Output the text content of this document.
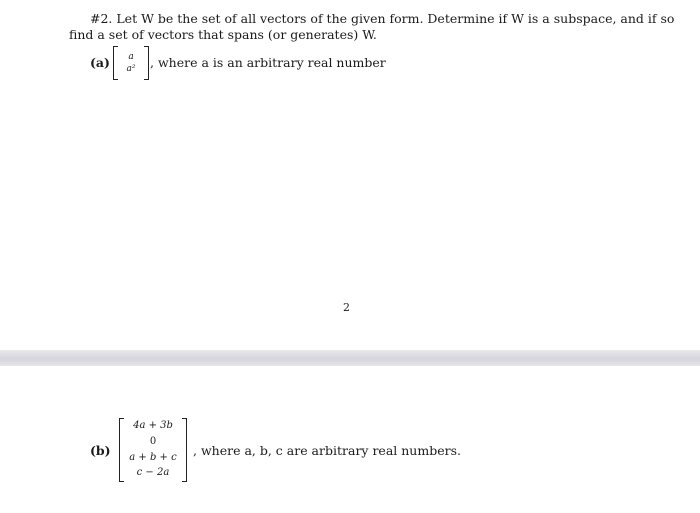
#2. Let W be the set of all vectors of the given form. Determine if W is a subspace, and if so
find a set of vectors that spans (or generates) W.
(a)	a
a²	, where a is an arbitrary real number
2
(b)
4a + 3b
0
a + b + c
c − 2a
, where a, b, c are arbitrary real numbers.
